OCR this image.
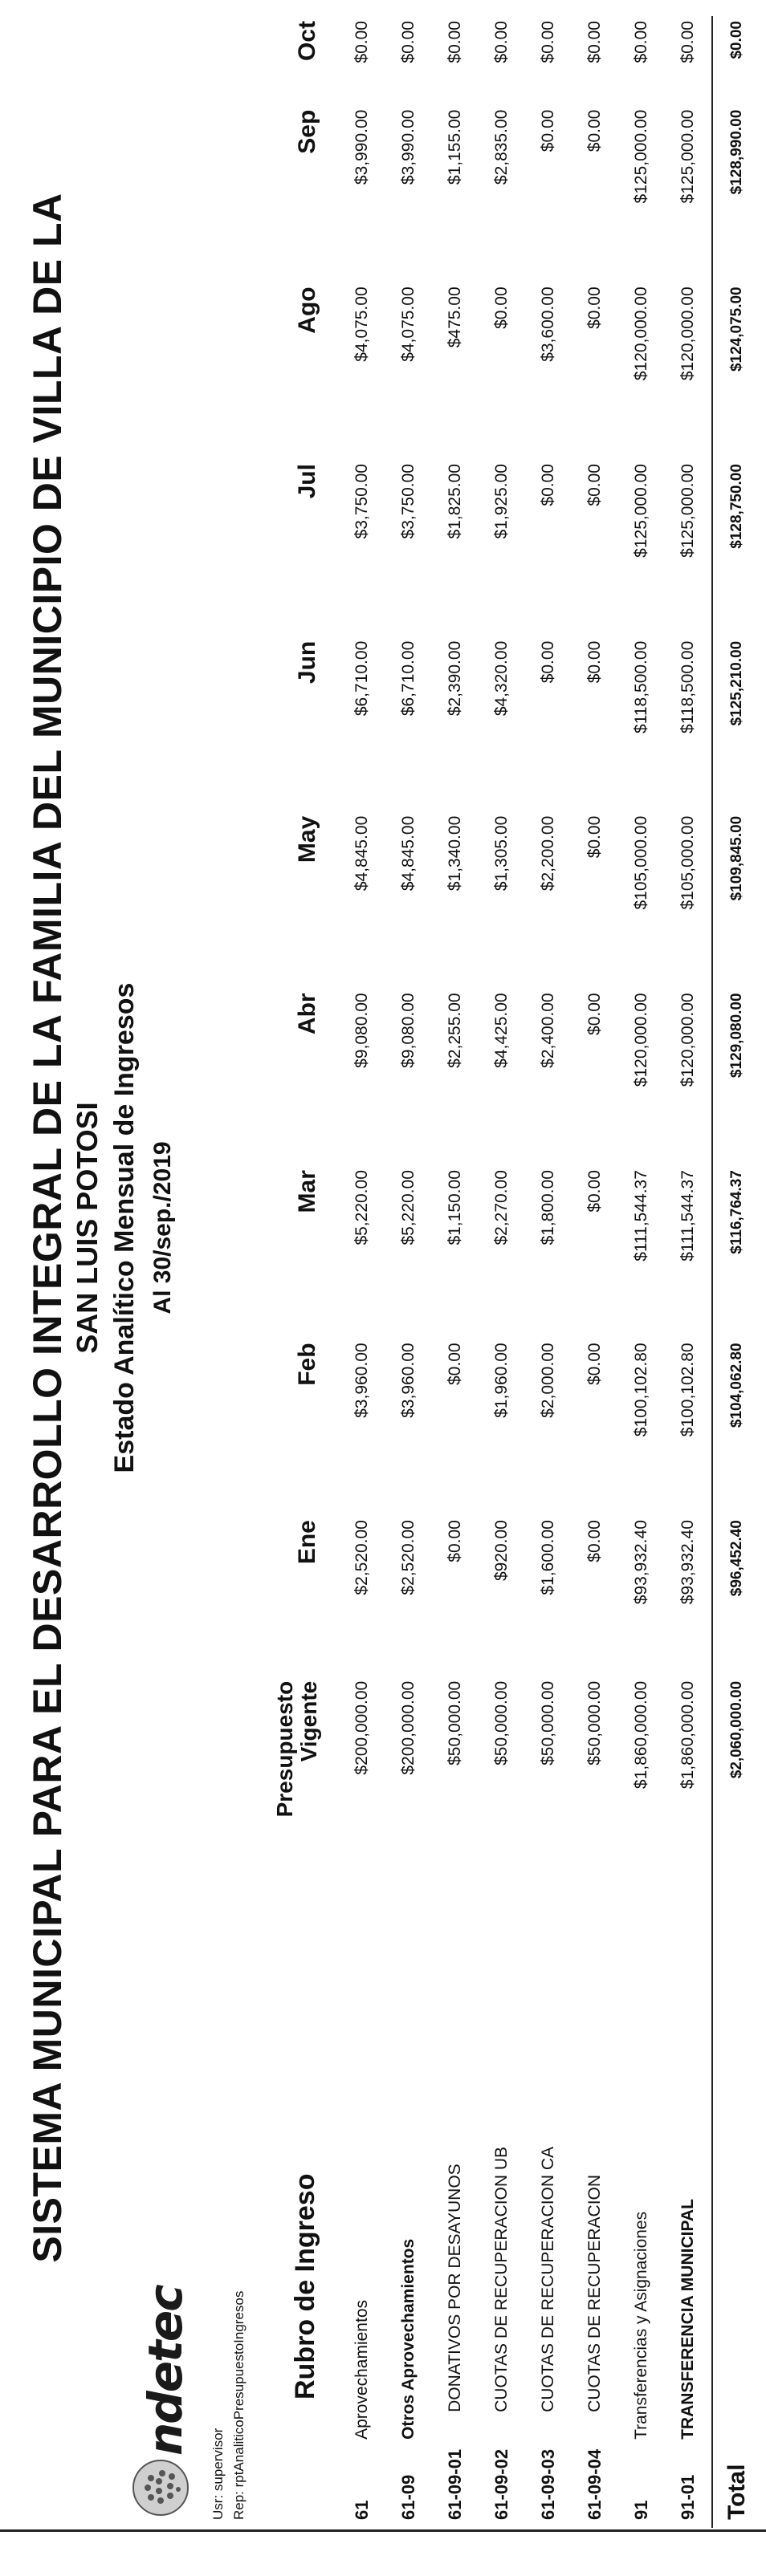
SISTEMA MUNICIPAL PARA EL DESARROLLO INTEGRAL DE LA FAMILIA DEL MUNICIPIO DE VILLA DE LA SAN LUIS POTOSI Estado Analítico Mensual de Ingresos Al 30/sep./2019
ndetec
Usr: supervisor Rep: rptAnaliticoPresupuestoIngresos
Rubro de Ingreso		Presupuesto
Vigente	Ene	Feb	Mar	Abr	May	Jun	Jul	Ago	Sep	Oct
61	Aprovechamientos	$200,000.00	$2,520.00	$3,960.00	$5,220.00	$9,080.00	$4,845.00	$6,710.00	$3,750.00	$4,075.00	$3,990.00	$0.00
61-09	Otros Aprovechamientos	$200,000.00	$2,520.00	$3,960.00	$5,220.00	$9,080.00	$4,845.00	$6,710.00	$3,750.00	$4,075.00	$3,990.00	$0.00
61-09-01	DONATIVOS POR DESAYUNOS	$50,000.00	$0.00	$0.00	$1,150.00	$2,255.00	$1,340.00	$2,390.00	$1,825.00	$475.00	$1,155.00	$0.00
61-09-02	CUOTAS DE RECUPERACION UB	$50,000.00	$920.00	$1,960.00	$2,270.00	$4,425.00	$1,305.00	$4,320.00	$1,925.00	$0.00	$2,835.00	$0.00
61-09-03	CUOTAS DE RECUPERACION CA	$50,000.00	$1,600.00	$2,000.00	$1,800.00	$2,400.00	$2,200.00	$0.00	$0.00	$3,600.00	$0.00	$0.00
61-09-04	CUOTAS DE RECUPERACION	$50,000.00	$0.00	$0.00	$0.00	$0.00	$0.00	$0.00	$0.00	$0.00	$0.00	$0.00
91	Transferencias y Asignaciones	$1,860,000.00	$93,932.40	$100,102.80	$111,544.37	$120,000.00	$105,000.00	$118,500.00	$125,000.00	$120,000.00	$125,000.00	$0.00
91-01	TRANSFERENCIA MUNICIPAL	$1,860,000.00	$93,932.40	$100,102.80	$111,544.37	$120,000.00	$105,000.00	$118,500.00	$125,000.00	$120,000.00	$125,000.00	$0.00
Total		$2,060,000.00	$96,452.40	$104,062.80	$116,764.37	$129,080.00	$109,845.00	$125,210.00	$128,750.00	$124,075.00	$128,990.00	$0.00
